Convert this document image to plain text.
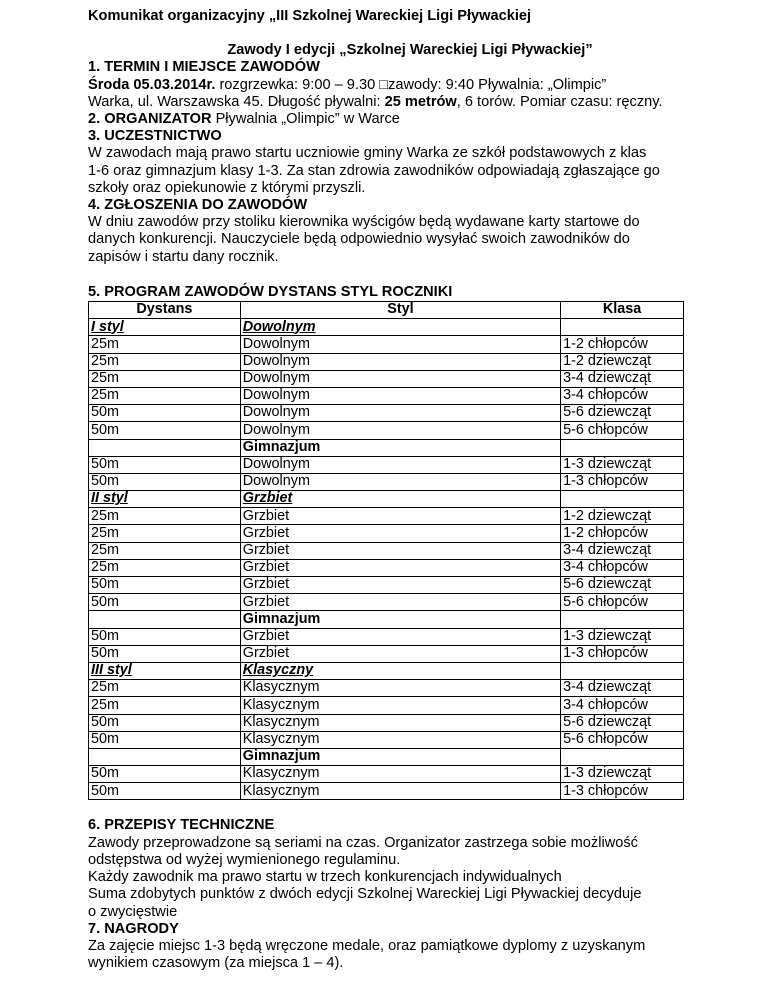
Komunikat organizacyjny „III Szkolnej Wareckiej Ligi Pływackiej
Zawody I edycji „Szkolnej Wareckiej Ligi Pływackiej”

1. TERMIN I MIEJSCE ZAWODÓW

Środa 05.03.2014r. rozgrzewka: 9:00 – 9.30 □zawody: 9:40 Pływalnia: „Olimpic”

Warka, ul. Warszawska 45. Długość pływalni: 25 metrów, 6 torów. Pomiar czasu: ręczny.

2. ORGANIZATOR Pływalnia „Olimpic” w Warce

3. UCZESTNICTWO

W zawodach mają prawo startu uczniowie gminy Warka ze szkół podstawowych z klas

1-6 oraz gimnazjum klasy 1-3. Za stan zdrowia zawodników odpowiadają zgłaszające go

szkoły oraz opiekunowie z którymi przyszli.

4. ZGŁOSZENIA DO ZAWODÓW

W dniu zawodów przy stoliku kierownika wyścigów będą wydawane karty startowe do

danych konkurencji. Nauczyciele będą odpowiednio wysyłać swoich zawodników do

zapisów i startu dany rocznik.

5. PROGRAM ZAWODÓW DYSTANS STYL ROCZNIKI

Dystans	Styl	Klasa
I styl	Dowolnym	
25m	Dowolnym	1-2 chłopców
25m	Dowolnym	1-2 dziewcząt
25m	Dowolnym	3-4 dziewcząt
25m	Dowolnym	3-4 chłopców
50m	Dowolnym	5-6 dziewcząt
50m	Dowolnym	5-6 chłopców
	Gimnazjum	
50m	Dowolnym	1-3 dziewcząt
50m	Dowolnym	1-3 chłopców
II styl	Grzbiet	
25m	Grzbiet	1-2 dziewcząt
25m	Grzbiet	1-2 chłopców
25m	Grzbiet	3-4 dziewcząt
25m	Grzbiet	3-4 chłopców
50m	Grzbiet	5-6 dziewcząt
50m	Grzbiet	5-6 chłopców
	Gimnazjum	
50m	Grzbiet	1-3 dziewcząt
50m	Grzbiet	1-3 chłopców
III styl	Klasyczny	
25m	Klasycznym	3-4 dziewcząt
25m	Klasycznym	3-4 chłopców
50m	Klasycznym	5-6 dziewcząt
50m	Klasycznym	5-6 chłopców
	Gimnazjum	
50m	Klasycznym	1-3 dziewcząt
50m	Klasycznym	1-3 chłopców

6. PRZEPISY TECHNICZNE

Zawody przeprowadzone są seriami na czas. Organizator zastrzega sobie możliwość

odstępstwa od wyżej wymienionego regulaminu.

Każdy zawodnik ma prawo startu w trzech konkurencjach indywidualnych

Suma zdobytych punktów z dwóch edycji Szkolnej Wareckiej Ligi Pływackiej decyduje

o zwycięstwie

7. NAGRODY

Za zajęcie miejsc 1-3 będą wręczone medale, oraz pamiątkowe dyplomy z uzyskanym

wynikiem czasowym (za miejsca 1 – 4).
